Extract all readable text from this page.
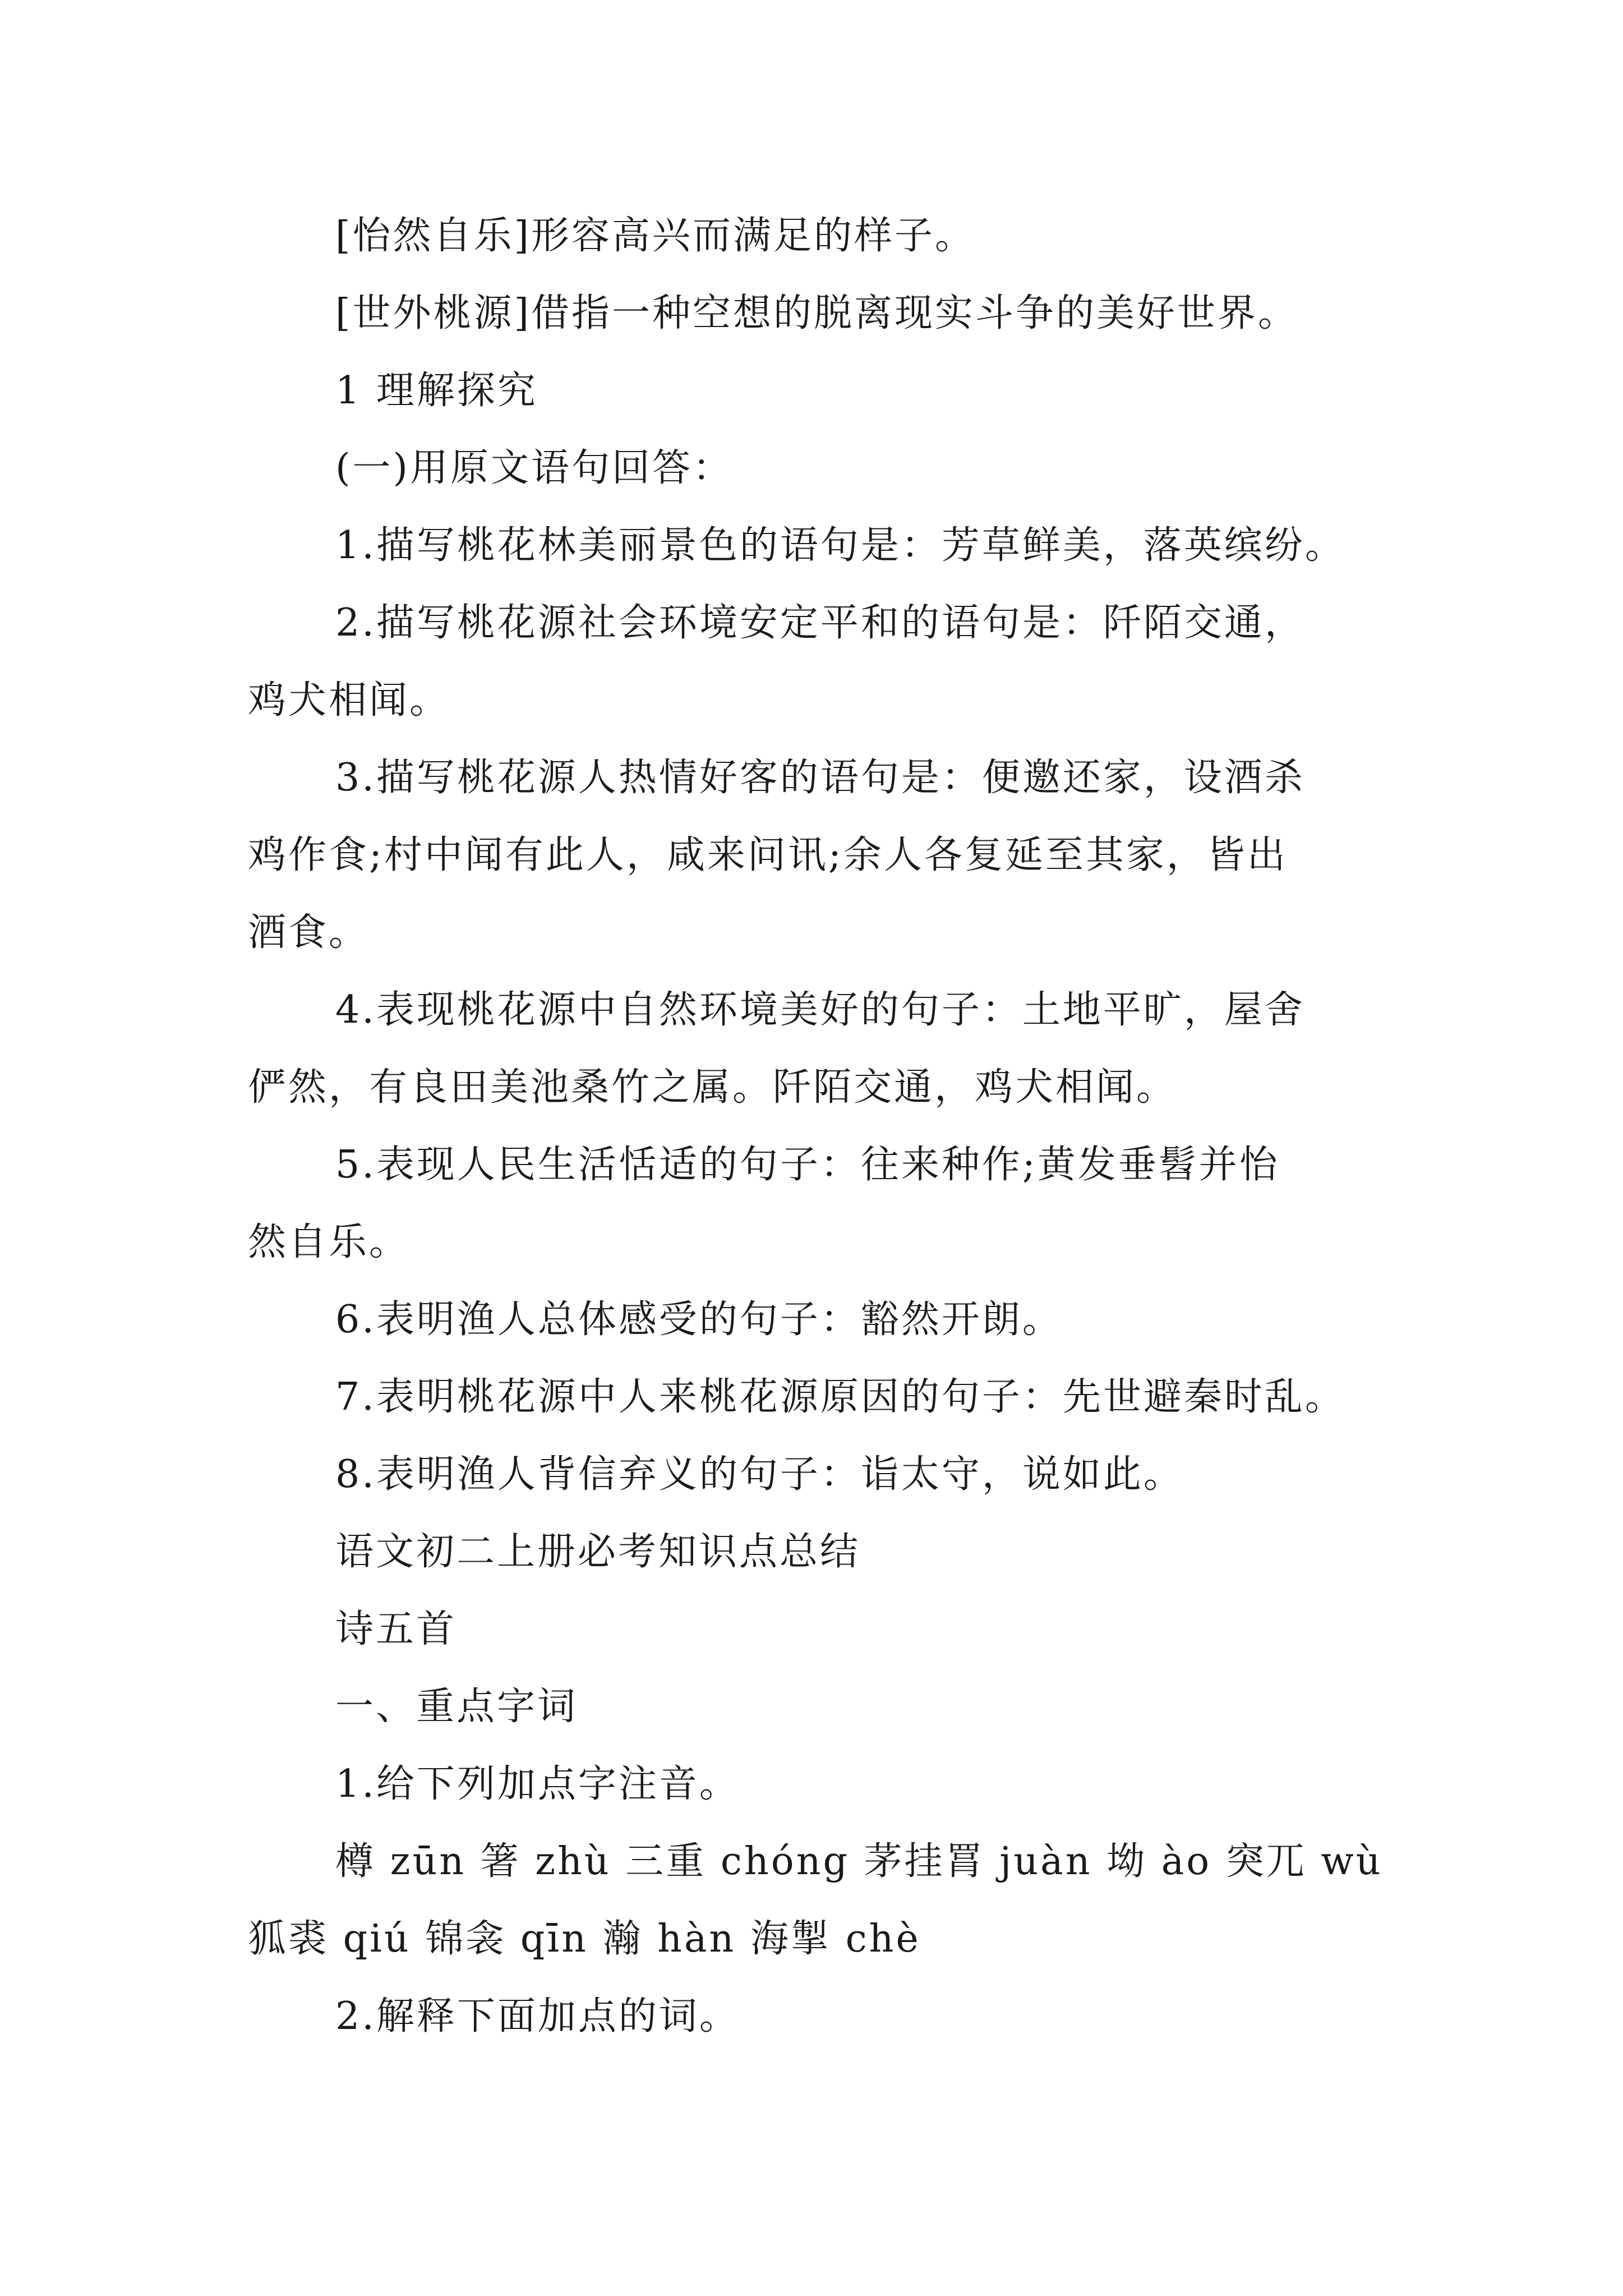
[怡然自乐]形容高兴而满足的样子。

[世外桃源]借指一种空想的脱离现实斗争的美好世界。

1 理解探究

(一)用原文语句回答：

1.描写桃花林美丽景色的语句是：芳草鲜美，落英缤纷。

2.描写桃花源社会环境安定平和的语句是：阡陌交通，

鸡犬相闻。

3.描写桃花源人热情好客的语句是：便邀还家，设酒杀

鸡作食;村中闻有此人，咸来问讯;余人各复延至其家，皆出

酒食。

4.表现桃花源中自然环境美好的句子：土地平旷，屋舍

俨然，有良田美池桑竹之属。阡陌交通，鸡犬相闻。

5.表现人民生活恬适的句子：往来种作;黄发垂髫并怡

然自乐。

6.表明渔人总体感受的句子：豁然开朗。

7.表明桃花源中人来桃花源原因的句子：先世避秦时乱。

8.表明渔人背信弃义的句子：诣太守，说如此。

语文初二上册必考知识点总结

诗五首

一、重点字词

1.给下列加点字注音。

樽 zūn 箸 zhù 三重 chóng 茅挂罥 juàn 坳 ào 突兀 wù

狐裘 qiú 锦衾 qīn 瀚 hàn 海掣 chè

2.解释下面加点的词。
